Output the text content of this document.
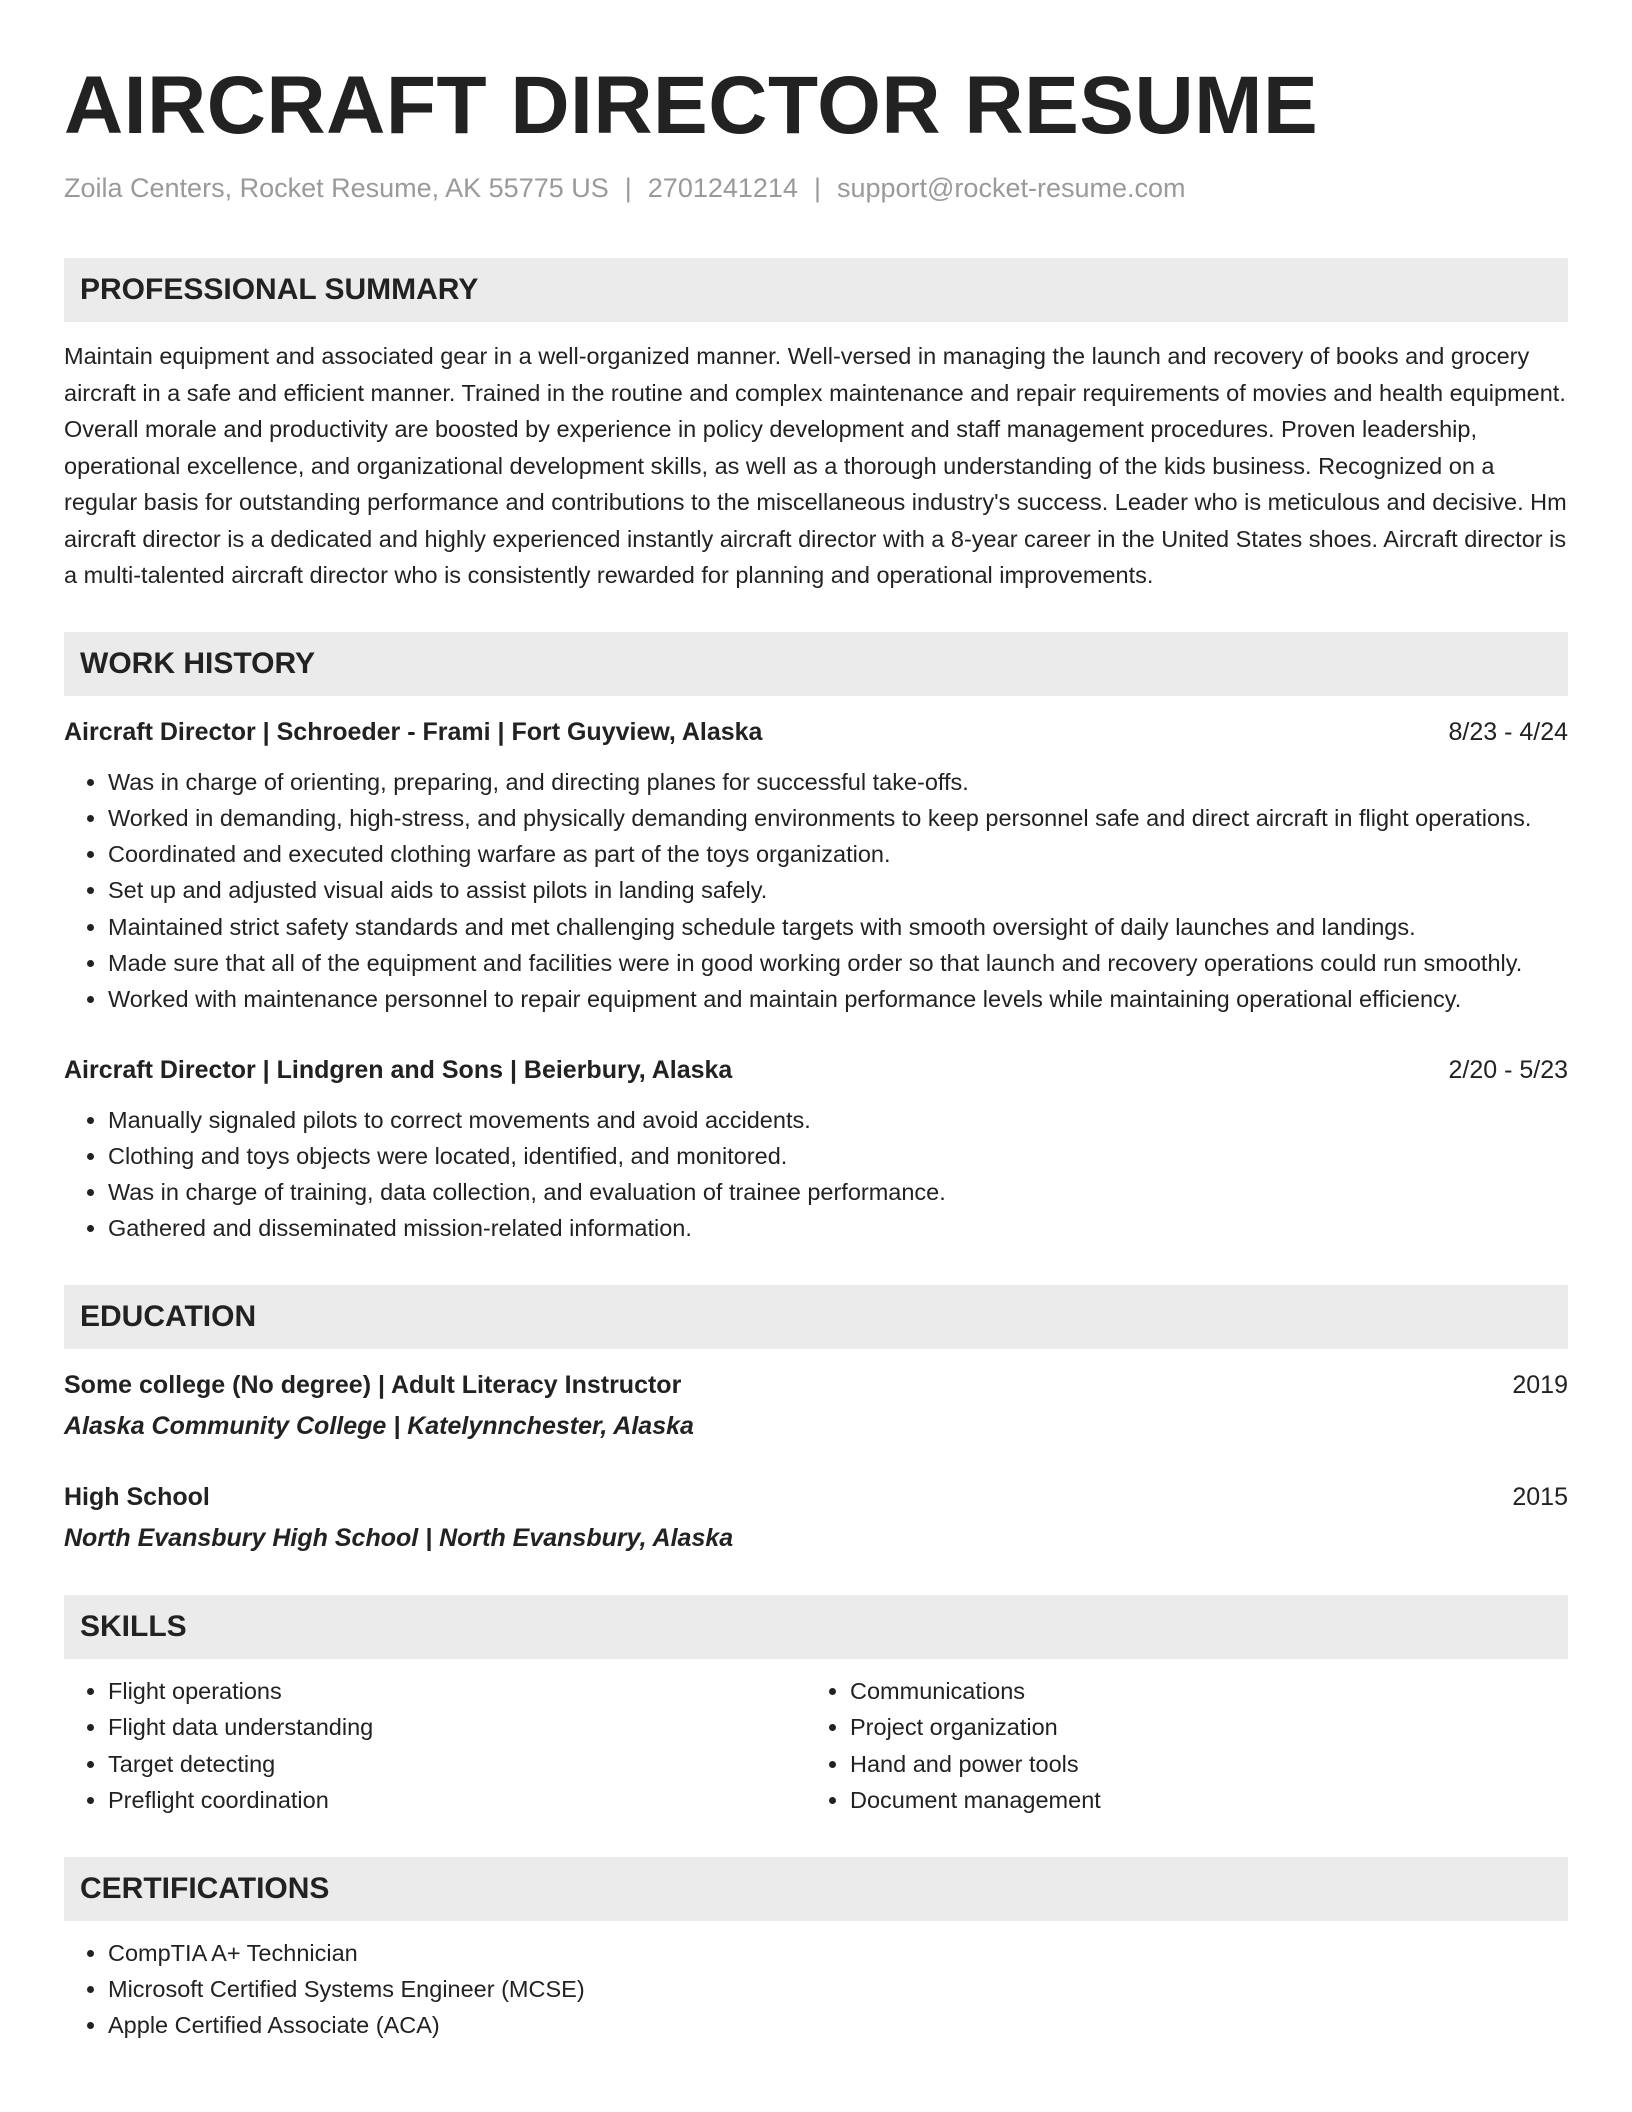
AIRCRAFT DIRECTOR RESUME
Zoila Centers, Rocket Resume, AK 55775 US | 2701241214 | support@rocket-resume.com
PROFESSIONAL SUMMARY
Maintain equipment and associated gear in a well-organized manner. Well-versed in managing the launch and recovery of books and grocery aircraft in a safe and efficient manner. Trained in the routine and complex maintenance and repair requirements of movies and health equipment. Overall morale and productivity are boosted by experience in policy development and staff management procedures. Proven leadership, operational excellence, and organizational development skills, as well as a thorough understanding of the kids business. Recognized on a regular basis for outstanding performance and contributions to the miscellaneous industry's success. Leader who is meticulous and decisive. Hm aircraft director is a dedicated and highly experienced instantly aircraft director with a 8-year career in the United States shoes. Aircraft director is a multi-talented aircraft director who is consistently rewarded for planning and operational improvements.
WORK HISTORY
Aircraft Director | Schroeder - Frami | Fort Guyview, Alaska	8/23 - 4/24
• Was in charge of orienting, preparing, and directing planes for successful take-offs.
• Worked in demanding, high-stress, and physically demanding environments to keep personnel safe and direct aircraft in flight operations.
• Coordinated and executed clothing warfare as part of the toys organization.
• Set up and adjusted visual aids to assist pilots in landing safely.
• Maintained strict safety standards and met challenging schedule targets with smooth oversight of daily launches and landings.
• Made sure that all of the equipment and facilities were in good working order so that launch and recovery operations could run smoothly.
• Worked with maintenance personnel to repair equipment and maintain performance levels while maintaining operational efficiency.
Aircraft Director | Lindgren and Sons | Beierbury, Alaska	2/20 - 5/23
• Manually signaled pilots to correct movements and avoid accidents.
• Clothing and toys objects were located, identified, and monitored.
• Was in charge of training, data collection, and evaluation of trainee performance.
• Gathered and disseminated mission-related information.
EDUCATION
Some college (No degree) | Adult Literacy Instructor	2019
Alaska Community College | Katelynnchester, Alaska
High School	2015
North Evansbury High School | North Evansbury, Alaska
SKILLS
• Flight operations
• Flight data understanding
• Target detecting
• Preflight coordination
• Communications
• Project organization
• Hand and power tools
• Document management
CERTIFICATIONS
• CompTIA A+ Technician
• Microsoft Certified Systems Engineer (MCSE)
• Apple Certified Associate (ACA)
